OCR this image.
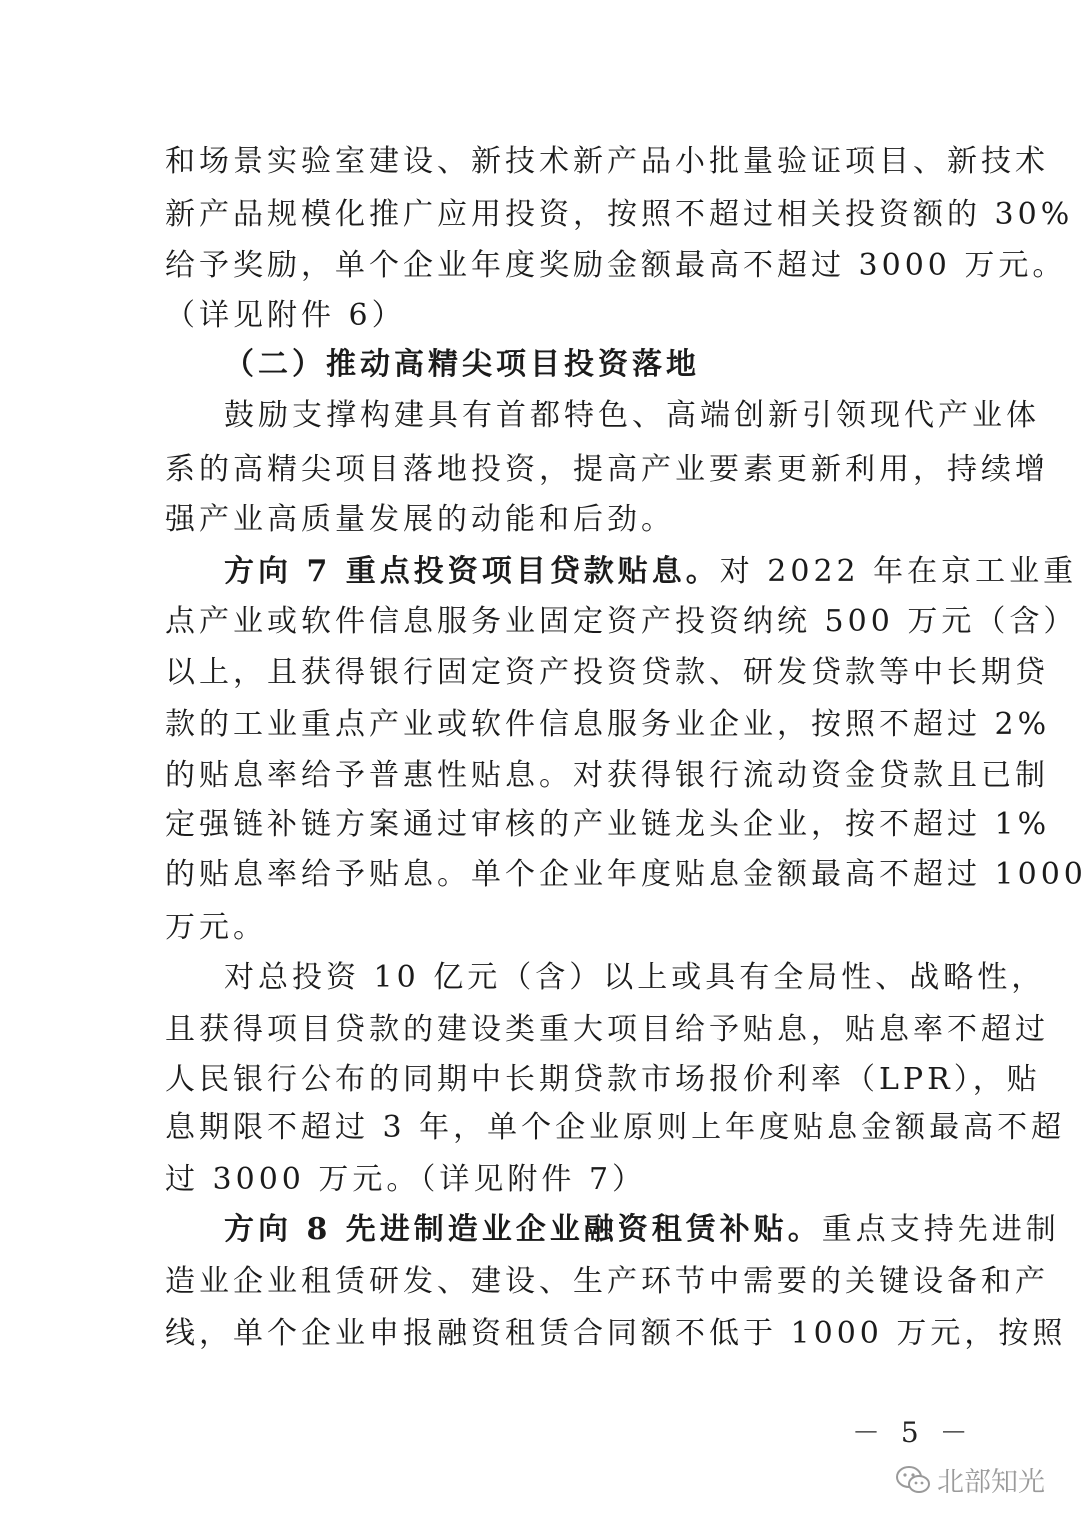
和场景实验室建设、新技术新产品小批量验证项目、新技术
新产品规模化推广应用投资，按照不超过相关投资额的 30%
给予奖励，单个企业年度奖励金额最高不超过 3000 万元。
（详见附件 6）
（二）推动高精尖项目投资落地
鼓励支撑构建具有首都特色、高端创新引领现代产业体
系的高精尖项目落地投资，提高产业要素更新利用，持续增
强产业高质量发展的动能和后劲。
方向 7 重点投资项目贷款贴息。对 2022 年在京工业重
点产业或软件信息服务业固定资产投资纳统 500 万元（含）
以上，且获得银行固定资产投资贷款、研发贷款等中长期贷
款的工业重点产业或软件信息服务业企业，按照不超过 2%
的贴息率给予普惠性贴息。对获得银行流动资金贷款且已制
定强链补链方案通过审核的产业链龙头企业，按不超过 1%
的贴息率给予贴息。单个企业年度贴息金额最高不超过 1000
万元。
对总投资 10 亿元（含）以上或具有全局性、战略性，
且获得项目贷款的建设类重大项目给予贴息，贴息率不超过
人民银行公布的同期中长期贷款市场报价利率（LPR），贴
息期限不超过 3 年，单个企业原则上年度贴息金额最高不超
过 3000 万元。（详见附件 7）
方向 8 先进制造业企业融资租赁补贴。重点支持先进制
造业企业租赁研发、建设、生产环节中需要的关键设备和产
线，单个企业申报融资租赁合同额不低于 1000 万元，按照
－ 5 －
北部知光
